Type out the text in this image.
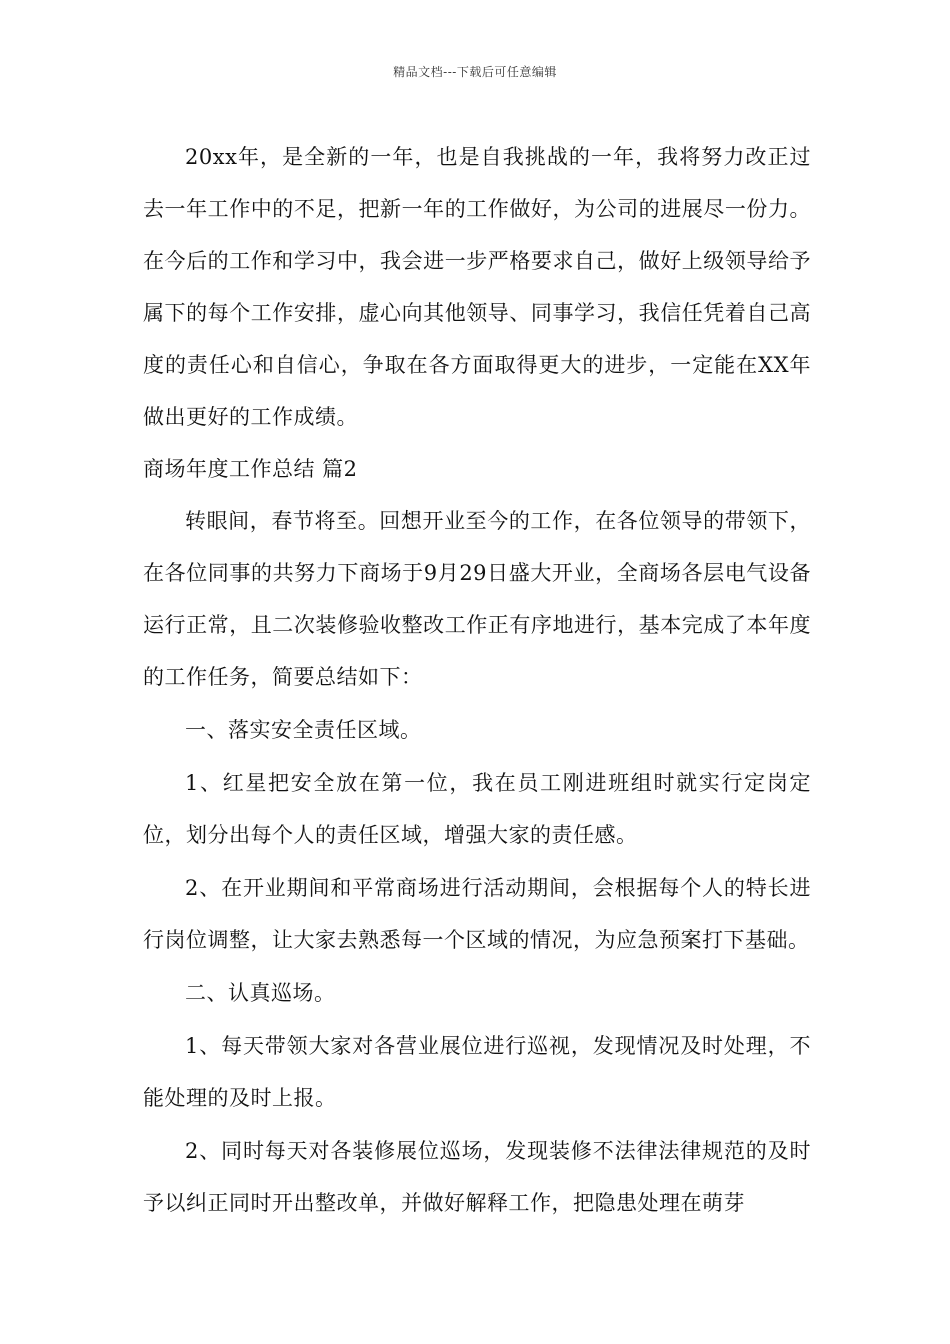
精品文档---下载后可任意编辑

20xx年，是全新的一年，也是自我挑战的一年，我将努力改正过去一年工作中的不足，把新一年的工作做好，为公司的进展尽一份力。在今后的工作和学习中，我会进一步严格要求自己，做好上级领导给予属下的每个工作安排，虚心向其他领导、同事学习，我信任凭着自己高度的责任心和自信心，争取在各方面取得更大的进步，一定能在XX年做出更好的工作成绩。

商场年度工作总结 篇2

转眼间，春节将至。回想开业至今的工作，在各位领导的带领下，在各位同事的共努力下商场于9月29日盛大开业，全商场各层电气设备运行正常，且二次装修验收整改工作正有序地进行，基本完成了本年度的工作任务，简要总结如下：

一、落实安全责任区域。

1、红星把安全放在第一位，我在员工刚进班组时就实行定岗定位，划分出每个人的责任区域，增强大家的责任感。

2、在开业期间和平常商场进行活动期间，会根据每个人的特长进行岗位调整，让大家去熟悉每一个区域的情况，为应急预案打下基础。

二、认真巡场。

1、每天带领大家对各营业展位进行巡视，发现情况及时处理，不能处理的及时上报。

2、同时每天对各装修展位巡场，发现装修不法律法律规范的及时予以纠正同时开出整改单，并做好解释工作，把隐患处理在萌芽
